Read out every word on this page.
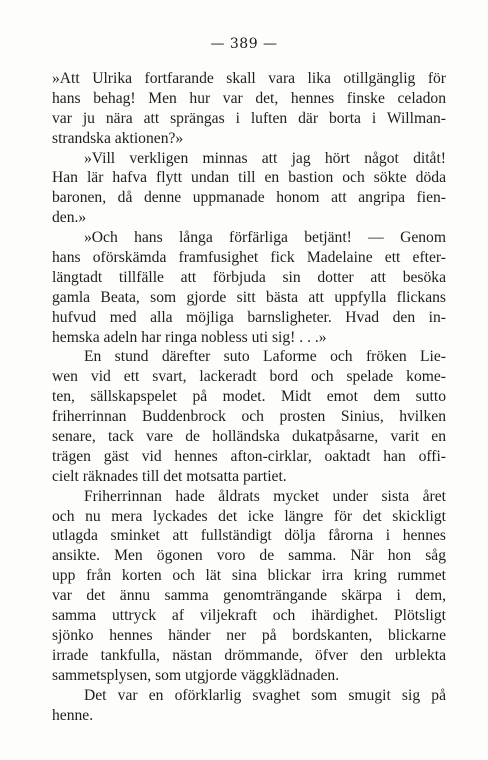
— 389 —
»Att Ulrika fortfarande skall vara lika otillgänglig för
hans behag! Men hur var det, hennes finske celadon
var ju nära att sprängas i luften där borta i Willman-
strandska aktionen?»
»Vill verkligen minnas att jag hört något ditåt!
Han lär hafva flytt undan till en bastion och sökte döda
baronen, då denne uppmanade honom att angripa fien-
den.»
»Och hans långa förfärliga betjänt! — Genom
hans oförskämda framfusighet fick Madelaine ett efter-
längtadt tillfälle att förbjuda sin dotter att besöka
gamla Beata, som gjorde sitt bästa att uppfylla flickans
hufvud med alla möjliga barnsligheter. Hvad den in-
hemska adeln har ringa nobless uti sig! . . .»
En stund därefter suto Laforme och fröken Lie-
wen vid ett svart, lackeradt bord och spelade kome-
ten, sällskapspelet på modet. Midt emot dem sutto
friherrinnan Buddenbrock och prosten Sinius, hvilken
senare, tack vare de holländska dukatpåsarne, varit en
trägen gäst vid hennes afton-cirklar, oaktadt han offi-
cielt räknades till det motsatta partiet.
Friherrinnan hade åldrats mycket under sista året
och nu mera lyckades det icke längre för det skickligt
utlagda sminket att fullständigt dölja fårorna i hennes
ansikte. Men ögonen voro de samma. När hon såg
upp från korten och lät sina blickar irra kring rummet
var det ännu samma genomträngande skärpa i dem,
samma uttryck af viljekraft och ihärdighet. Plötsligt
sjönko hennes händer ner på bordskanten, blickarne
irrade tankfulla, nästan drömmande, öfver den urblekta
sammetsplysen, som utgjorde väggklädnaden.
Det var en oförklarlig svaghet som smugit sig på
henne.
